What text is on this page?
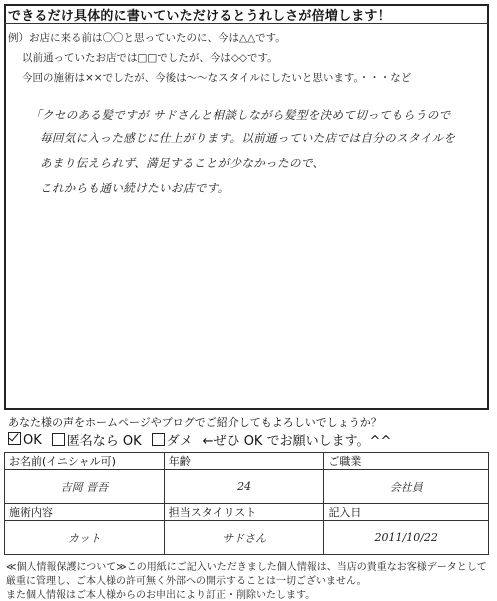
できるだけ具体的に書いていただけるとうれしさが倍増します！
例）お店に来る前は〇〇と思っていたのに、今は△△です。
以前通っていたお店では□□でしたが、今は◇◇です。
今回の施術は××でしたが、今後は～～なスタイルにしたいと思います。・・・など
「クセのある髪ですが サドさんと相談しながら髪型を決めて切ってもらうので
毎回気に入った感じに仕上がります。以前通っていた店では自分のスタイルを
あまり伝えられず、満足することが少なかったので、
これからも通い続けたいお店です。
あなた様の声をホームページやブログでご紹介してもよろしいでしょうか？
OK	匿名なら OK	ダメ ←ぜひ OK でお願いします。^^
お名前(イニシャル可)	年齢	ご職業
吉岡 晋吾	24	会社員
施術内容	担当スタイリスト	記入日
カット	サドさん	2011/10/22
≪個人情報保護について≫この用紙にご記入いただきました個人情報は、当店の貴重なお客様データとして
厳重に管理し、ご本人様の許可無く外部への開示することは一切ございません。
また個人情報はご本人様からのお申出により訂正・削除いたします。
